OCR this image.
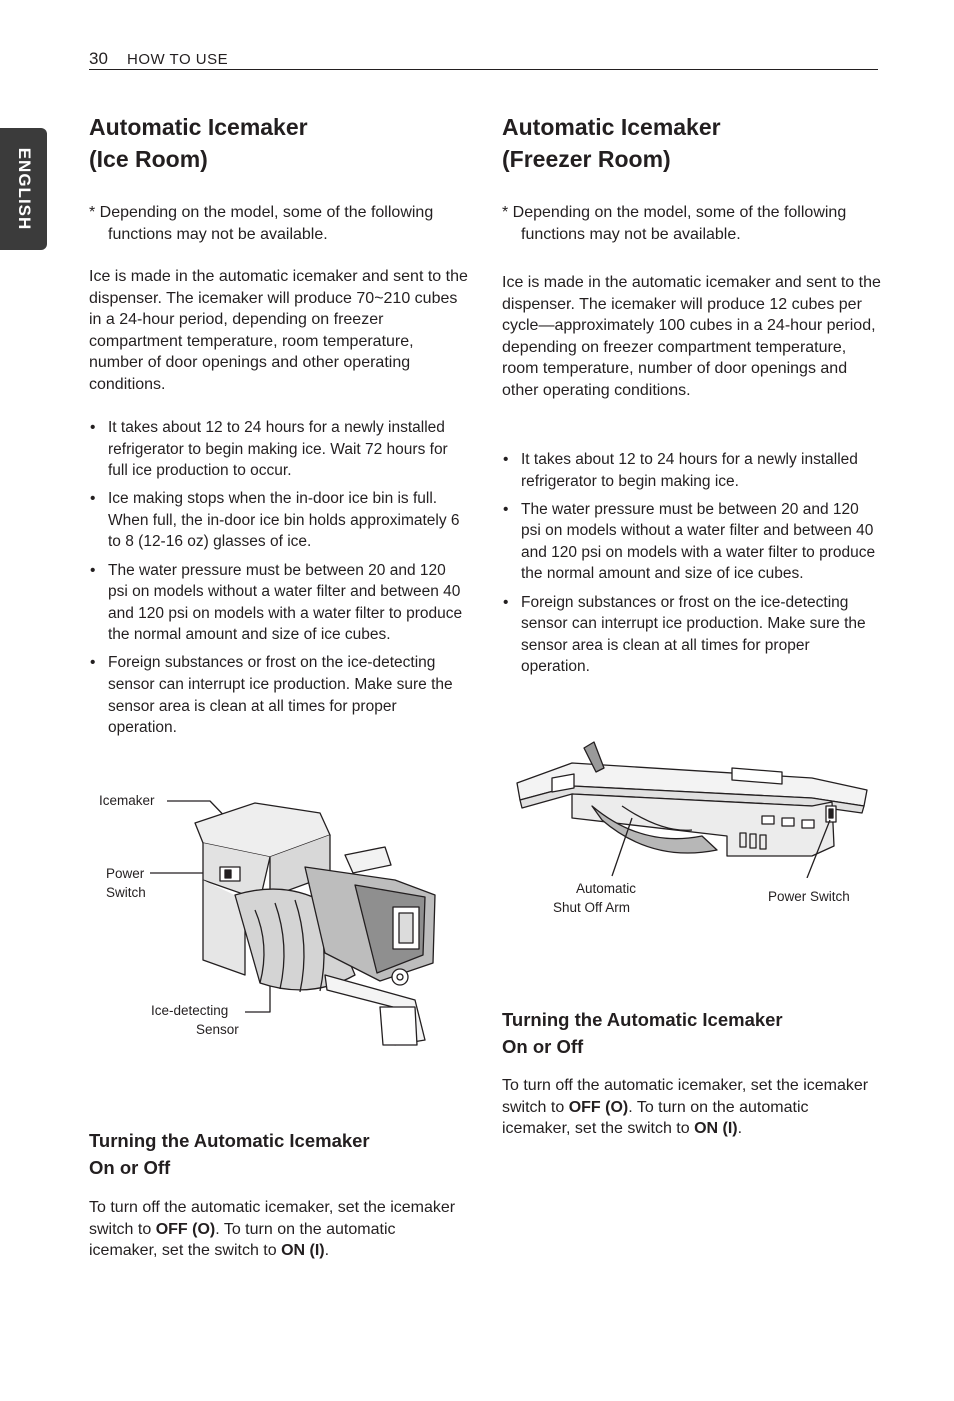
30 HOW TO USE
ENGLISH
Automatic Icemaker
(Ice Room)

* Depending on the model, some of the following functions may not be available.

Ice is made in the automatic icemaker and sent to the dispenser. The icemaker will produce 70~210 cubes in a 24-hour period, depending on freezer compartment temperature, room temperature, number of door openings and other operating conditions.

• It takes about 12 to 24 hours for a newly installed refrigerator to begin making ice. Wait 72 hours for full ice production to occur.
• Ice making stops when the in-door ice bin is full. When full, the in-door ice bin holds approximately 6 to 8 (12-16 oz) glasses of ice.
• The water pressure must be between 20 and 120 psi on models without a water filter and between 40 and 120 psi on models with a water filter to produce the normal amount and size of ice cubes.
• Foreign substances or frost on the ice-detecting sensor can interrupt ice production. Make sure the sensor area is clean at all times for proper operation.
Icemaker
Power
Switch
Ice-detecting
Sensor
Turning the Automatic Icemaker
On or Off

To turn off the automatic icemaker, set the icemaker switch to OFF (O). To turn on the automatic icemaker, set the switch to ON (I).

Automatic Icemaker
(Freezer Room)

* Depending on the model, some of the following functions may not be available.

Ice is made in the automatic icemaker and sent to the dispenser. The icemaker will produce 12 cubes per cycle—approximately 100 cubes in a 24-hour period, depending on freezer compartment temperature, room temperature, number of door openings and other operating conditions.

• It takes about 12 to 24 hours for a newly installed refrigerator to begin making ice.
• The water pressure must be between 20 and 120 psi on models without a water filter and between 40 and 120 psi on models with a water filter to produce the normal amount and size of ice cubes.
• Foreign substances or frost on the ice-detecting sensor can interrupt ice production. Make sure the sensor area is clean at all times for proper operation.
Automatic
Shut Off Arm
Power Switch
Turning the Automatic Icemaker
On or Off

To turn off the automatic icemaker, set the icemaker switch to OFF (O). To turn on the automatic icemaker, set the switch to ON (I).
